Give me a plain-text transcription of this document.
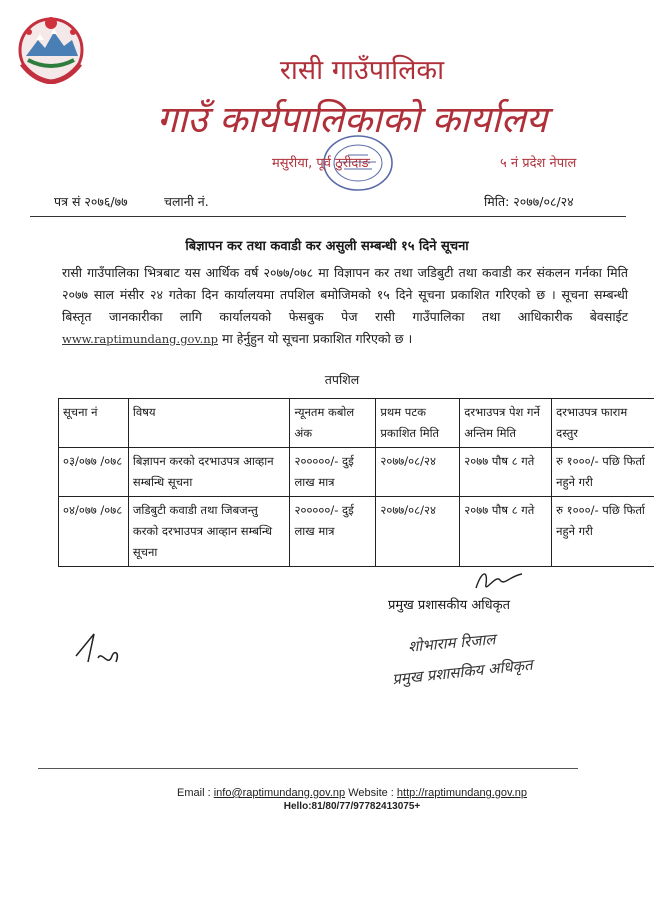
रासी गाउँपालिका
गाउँ कार्यपालिकाको कार्यालय
मसुरीया, पूर्व ठुरीदाङ	५ नं प्रदेश नेपाल
पत्र सं २०७६/७७	चलानी नं.	मिति: २०७७/०८/२४
बिज्ञापन कर तथा कवाडी कर असुली सम्बन्धी १५ दिने सूचना
रासी गाउँपालिका भित्रबाट यस आर्थिक वर्ष २०७७/०७८ मा विज्ञापन कर तथा जडिबुटी तथा कवाडी कर संकलन गर्नका मिति २०७७ साल मंसीर २४ गतेका दिन कार्यालयमा तपशिल बमोजिमको १५ दिने सूचना प्रकाशित गरिएको छ । सूचना सम्बन्धी बिस्तृत जानकारीका लागि कार्यालयको फेसबुक पेज रासी गाउँपालिका तथा आधिकारीक बेवसाईट www.raptimundang.gov.np मा हेर्नुहुन यो सूचना प्रकाशित गरिएको छ ।
तपशिल
सूचना नं	विषय	न्यूनतम कबोल अंक	प्रथम पटक प्रकाशित मिति	दरभाउपत्र पेश गर्ने अन्तिम मिति	दरभाउपत्र फाराम दस्तुर
०३/०७७ /०७८	बिज्ञापन करको दरभाउपत्र आव्हान सम्बन्धि सूचना	२०००००/- दुई लाख मात्र	२०७७/०८/२४	२०७७ पौष ८ गते	रु १०००/- पछि फिर्ता नहुने गरी
०४/०७७ /०७८	जडिबुटी कवाडी तथा जिबजन्तु करको दरभाउपत्र आव्हान सम्बन्धि सूचना	२०००००/- दुई लाख मात्र	२०७७/०८/२४	२०७७ पौष ८ गते	रु १०००/- पछि फिर्ता नहुने गरी
प्रमुख प्रशासकीय अधिकृत
शोभाराम रिजाल
प्रमुख प्रशासकिय अधिकृत
Email : info@raptimundang.gov.np Website : http://raptimundang.gov.np
Hello:81/80/77/97782413075+
